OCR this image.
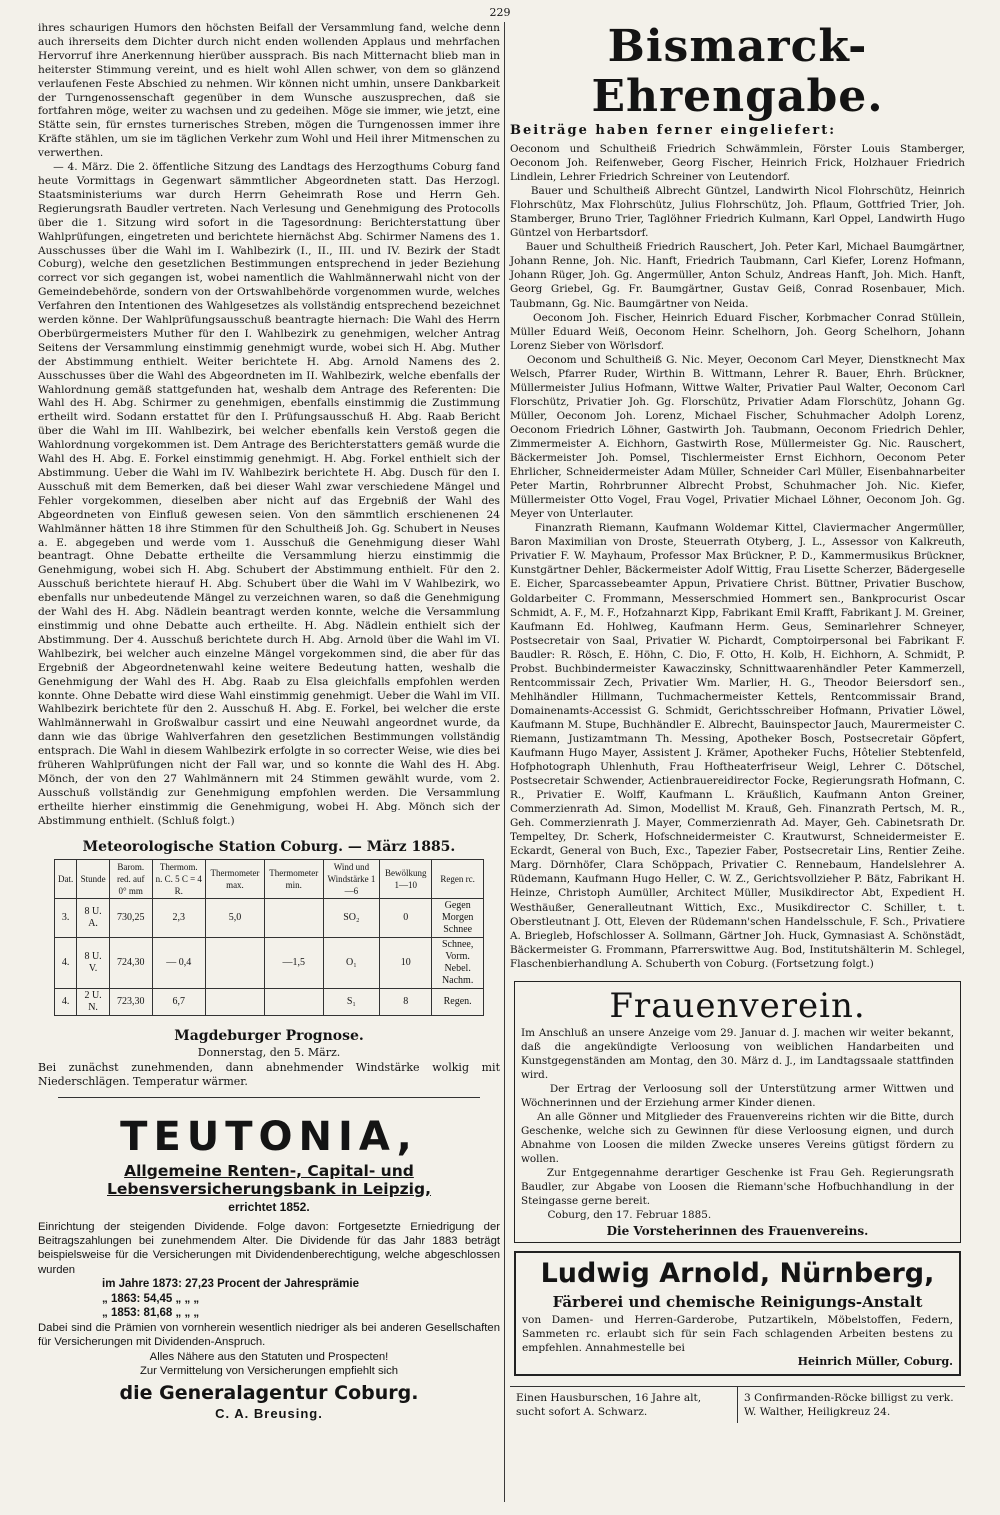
229

ihres schaurigen Humors den höchsten Beifall der Versammlung fand, welche denn auch ihrerseits dem Dichter durch nicht enden wollenden Applaus und mehrfachen Hervorruf ihre Anerkennung hierüber aussprach. Bis nach Mitternacht blieb man in heiterster Stimmung vereint, und es hielt wohl Allen schwer, von dem so glänzend verlaufenen Feste Abschied zu nehmen. Wir können nicht umhin, unsere Dankbarkeit der Turngenossenschaft gegenüber in dem Wunsche auszusprechen, daß sie fortfahren möge, weiter zu wachsen und zu gedeihen. Möge sie immer, wie jetzt, eine Stätte sein, für ernstes turnerisches Streben, mögen die Turngenossen immer ihre Kräfte stählen, um sie im täglichen Verkehr zum Wohl und Heil ihrer Mitmenschen zu verwerthen.
— 4. März. Die 2. öffentliche Sitzung des Landtags des Herzogthums Coburg fand heute Vormittags in Gegenwart sämmtlicher Abgeordneten statt. Das Herzogl. Staatsministeriums war durch Herrn Geheimrath Rose und Herrn Geh. Regierungsrath Baudler vertreten. Nach Verlesung und Genehmigung des Protocolls über die 1. Sitzung wird sofort in die Tagesordnung: Berichterstattung über Wahlprüfungen, eingetreten und berichtete hiernächst Abg. Schirmer Namens des 1. Ausschusses über die Wahl im I. Wahlbezirk (I., II., III. und IV. Bezirk der Stadt Coburg), welche den gesetzlichen Bestimmungen entsprechend in jeder Beziehung correct vor sich gegangen ist, wobei namentlich die Wahlmännerwahl nicht von der Gemeindebehörde, sondern von der Ortswahlbehörde vorgenommen wurde, welches Verfahren den Intentionen des Wahlgesetzes als vollständig entsprechend bezeichnet werden könne. Der Wahlprüfungsausschuß beantragte hiernach: Die Wahl des Herrn Oberbürgermeisters Muther für den I. Wahlbezirk zu genehmigen, welcher Antrag Seitens der Versammlung einstimmig genehmigt wurde, wobei sich H. Abg. Muther der Abstimmung enthielt. Weiter berichtete H. Abg. Arnold Namens des 2. Ausschusses über die Wahl des Abgeordneten im II. Wahlbezirk, welche ebenfalls der Wahlordnung gemäß stattgefunden hat, weshalb dem Antrage des Referenten: Die Wahl des H. Abg. Schirmer zu genehmigen, ebenfalls einstimmig die Zustimmung ertheilt wird. Sodann erstattet für den I. Prüfungsausschuß H. Abg. Raab Bericht über die Wahl im III. Wahlbezirk, bei welcher ebenfalls kein Verstoß gegen die Wahlordnung vorgekommen ist. Dem Antrage des Berichterstatters gemäß wurde die Wahl des H. Abg. E. Forkel einstimmig genehmigt. H. Abg. Forkel enthielt sich der Abstimmung. Ueber die Wahl im IV. Wahlbezirk berichtete H. Abg. Dusch für den I. Ausschuß mit dem Bemerken, daß bei dieser Wahl zwar verschiedene Mängel und Fehler vorgekommen, dieselben aber nicht auf das Ergebniß der Wahl des Abgeordneten von Einfluß gewesen seien. Von den sämmtlich erschienenen 24 Wahlmänner hätten 18 ihre Stimmen für den Schultheiß Joh. Gg. Schubert in Neuses a. E. abgegeben und werde vom 1. Ausschuß die Genehmigung dieser Wahl beantragt. Ohne Debatte ertheilte die Versammlung hierzu einstimmig die Genehmigung, wobei sich H. Abg. Schubert der Abstimmung enthielt. Für den 2. Ausschuß berichtete hierauf H. Abg. Schubert über die Wahl im V Wahlbezirk, wo ebenfalls nur unbedeutende Mängel zu verzeichnen waren, so daß die Genehmigung der Wahl des H. Abg. Nädlein beantragt werden konnte, welche die Versammlung einstimmig und ohne Debatte auch ertheilte. H. Abg. Nädlein enthielt sich der Abstimmung. Der 4. Ausschuß berichtete durch H. Abg. Arnold über die Wahl im VI. Wahlbezirk, bei welcher auch einzelne Mängel vorgekommen sind, die aber für das Ergebniß der Abgeordnetenwahl keine weitere Bedeutung hatten, weshalb die Genehmigung der Wahl des H. Abg. Raab zu Elsa gleichfalls empfohlen werden konnte. Ohne Debatte wird diese Wahl einstimmig genehmigt. Ueber die Wahl im VII. Wahlbezirk berichtete für den 2. Ausschuß H. Abg. E. Forkel, bei welcher die erste Wahlmännerwahl in Großwalbur cassirt und eine Neuwahl angeordnet wurde, da dann wie das übrige Wahlverfahren den gesetzlichen Bestimmungen vollständig entsprach. Die Wahl in diesem Wahlbezirk erfolgte in so correcter Weise, wie dies bei früheren Wahlprüfungen nicht der Fall war, und so konnte die Wahl des H. Abg. Mönch, der von den 27 Wahlmännern mit 24 Stimmen gewählt wurde, vom 2. Ausschuß vollständig zur Genehmigung empfohlen werden. Die Versammlung ertheilte hierher einstimmig die Genehmigung, wobei H. Abg. Mönch sich der Abstimmung enthielt. (Schluß folgt.)

Meteorologische Station Coburg. — März 1885.
Dat.	Stunde	Barom. red. auf 0° mm	Thermom. n. C. 5 C = 4 R.	Thermometer max.	Thermometer min.	Wind und Windstärke 1—6	Bewölkung 1—10	Regen rc.
3.	8 U. A.	730,25	2,3	5,0		SO₂	0	Gegen Morgen Schnee
4.	8 U. V.	724,30	— 0,4		—1,5	O₁	10	Schnee, Vorm. Nebel. Nachm.
4.	2 U. N.	723,30	6,7			S₁	8	Regen.
Magdeburger Prognose.
Donnerstag, den 5. März.

Bei zunächst zunehmenden, dann abnehmender Windstärke wolkig mit Niederschlägen. Temperatur wärmer.

TEUTONIA,

Allgemeine Renten-, Capital- und Lebensversicherungsbank in Leipzig,

errichtet 1852.

Einrichtung der steigenden Dividende. Folge davon: Fortgesetzte Erniedrigung der Beitragszahlungen bei zunehmendem Alter. Die Dividende für das Jahr 1883 beträgt beispielsweise für die Versicherungen mit Dividendenberechtigung, welche abgeschlossen wurden

im Jahre 1873: 27,23 Procent der Jahresprämie

„ 1863: 54,45 „ „ „

„ 1853: 81,68 „ „ „

Dabei sind die Prämien von vornherein wesentlich niedriger als bei anderen Gesellschaften für Versicherungen mit Dividenden-Anspruch.

Alles Nähere aus den Statuten und Prospecten!

Zur Vermittelung von Versicherungen empfiehlt sich

die Generalagentur Coburg.

C. A. Breusing.

Bismarck-Ehrengabe.

Beiträge haben ferner eingeliefert:

Oeconom und Schultheiß Friedrich Schwämmlein, Förster Louis Stamberger, Oeconom Joh. Reifenweber, Georg Fischer, Heinrich Frick, Holzhauer Friedrich Lindlein, Lehrer Friedrich Schreiner von Leutendorf.
Bauer und Schultheiß Albrecht Güntzel, Landwirth Nicol Flohrschütz, Heinrich Flohrschütz, Max Flohrschütz, Julius Flohrschütz, Joh. Pflaum, Gottfried Trier, Joh. Stamberger, Bruno Trier, Taglöhner Friedrich Kulmann, Karl Oppel, Landwirth Hugo Güntzel von Herbartsdorf.
Bauer und Schultheiß Friedrich Rauschert, Joh. Peter Karl, Michael Baumgärtner, Johann Renne, Joh. Nic. Hanft, Friedrich Taubmann, Carl Kiefer, Lorenz Hofmann, Johann Rüger, Joh. Gg. Angermüller, Anton Schulz, Andreas Hanft, Joh. Mich. Hanft, Georg Griebel, Gg. Fr. Baumgärtner, Gustav Geiß, Conrad Rosenbauer, Mich. Taubmann, Gg. Nic. Baumgärtner von Neida.
Oeconom Joh. Fischer, Heinrich Eduard Fischer, Korbmacher Conrad Stüllein, Müller Eduard Weiß, Oeconom Heinr. Schelhorn, Joh. Georg Schelhorn, Johann Lorenz Sieber von Wörlsdorf.
Oeconom und Schultheiß G. Nic. Meyer, Oeconom Carl Meyer, Dienstknecht Max Welsch, Pfarrer Ruder, Wirthin B. Wittmann, Lehrer R. Bauer, Ehrh. Brückner, Müllermeister Julius Hofmann, Wittwe Walter, Privatier Paul Walter, Oeconom Carl Florschütz, Privatier Joh. Gg. Florschütz, Privatier Adam Florschütz, Johann Gg. Müller, Oeconom Joh. Lorenz, Michael Fischer, Schuhmacher Adolph Lorenz, Oeconom Friedrich Löhner, Gastwirth Joh. Taubmann, Oeconom Friedrich Dehler, Zimmermeister A. Eichhorn, Gastwirth Rose, Müllermeister Gg. Nic. Rauschert, Bäckermeister Joh. Pomsel, Tischlermeister Ernst Eichhorn, Oeconom Peter Ehrlicher, Schneidermeister Adam Müller, Schneider Carl Müller, Eisenbahnarbeiter Peter Martin, Rohrbrunner Albrecht Probst, Schuhmacher Joh. Nic. Kiefer, Müllermeister Otto Vogel, Frau Vogel, Privatier Michael Löhner, Oeconom Joh. Gg. Meyer von Unterlauter.
Finanzrath Riemann, Kaufmann Woldemar Kittel, Claviermacher Angermüller, Baron Maximilian von Droste, Steuerrath Otyberg, J. L., Assessor von Kalkreuth, Privatier F. W. Mayhaum, Professor Max Brückner, P. D., Kammermusikus Brückner, Kunstgärtner Dehler, Bäckermeister Adolf Wittig, Frau Lisette Scherzer, Bädergeselle E. Eicher, Sparcassebeamter Appun, Privatiere Christ. Büttner, Privatier Buschow, Goldarbeiter C. Frommann, Messerschmied Hommert sen., Bankprocurist Oscar Schmidt, A. F., M. F., Hofzahnarzt Kipp, Fabrikant Emil Krafft, Fabrikant J. M. Greiner, Kaufmann Ed. Hohlweg, Kaufmann Herm. Geus, Seminarlehrer Schneyer, Postsecretair von Saal, Privatier W. Pichardt, Comptoirpersonal bei Fabrikant F. Baudler: R. Rösch, E. Höhn, C. Dio, F. Otto, H. Kolb, H. Eichhorn, A. Schmidt, P. Probst. Buchbindermeister Kawaczinsky, Schnittwaarenhändler Peter Kammerzell, Rentcommissair Zech, Privatier Wm. Marlier, H. G., Theodor Beiersdorf sen., Mehlhändler Hillmann, Tuchmachermeister Kettels, Rentcommissair Brand, Domainenamts-Accessist G. Schmidt, Gerichtsschreiber Hofmann, Privatier Löwel, Kaufmann M. Stupe, Buchhändler E. Albrecht, Bauinspector Jauch, Maurermeister C. Riemann, Justizamtmann Th. Messing, Apotheker Bosch, Postsecretair Göpfert, Kaufmann Hugo Mayer, Assistent J. Krämer, Apotheker Fuchs, Hôtelier Stebtenfeld, Hofphotograph Uhlenhuth, Frau Hoftheaterfriseur Weigl, Lehrer C. Dötschel, Postsecretair Schwender, Actienbrauereidirector Focke, Regierungsrath Hofmann, C. R., Privatier E. Wolff, Kaufmann L. Kräußlich, Kaufmann Anton Greiner, Commerzienrath Ad. Simon, Modellist M. Krauß, Geh. Finanzrath Pertsch, M. R., Geh. Commerzienrath J. Mayer, Commerzienrath Ad. Mayer, Geh. Cabinetsrath Dr. Tempeltey, Dr. Scherk, Hofschneidermeister C. Krautwurst, Schneidermeister E. Eckardt, General von Buch, Exc., Tapezier Faber, Postsecretair Lins, Rentier Zeihe. Marg. Dörnhöfer, Clara Schöppach, Privatier C. Rennebaum, Handelslehrer A. Rüdemann, Kaufmann Hugo Heller, C. W. Z., Gerichtsvollzieher P. Bätz, Fabrikant H. Heinze, Christoph Aumüller, Architect Müller, Musikdirector Abt, Expedient H. Westhäußer, Generalleutnant Wittich, Exc., Musikdirector C. Schiller, t. t. Oberstleutnant J. Ott, Eleven der Rüdemann'schen Handelsschule, F. Sch., Privatiere A. Briegleb, Hofschlosser A. Sollmann, Gärtner Joh. Huck, Gymnasiast A. Schönstädt, Bäckermeister G. Frommann, Pfarrerswittwe Aug. Bod, Institutshälterin M. Schlegel, Flaschenbierhandlung A. Schuberth von Coburg. (Fortsetzung folgt.)

Frauenverein.

Im Anschluß an unsere Anzeige vom 29. Januar d. J. machen wir weiter bekannt, daß die angekündigte Verloosung von weiblichen Handarbeiten und Kunstgegenständen am Montag, den 30. März d. J., im Landtagssaale stattfinden wird.
Der Ertrag der Verloosung soll der Unterstützung armer Wittwen und Wöchnerinnen und der Erziehung armer Kinder dienen.
An alle Gönner und Mitglieder des Frauenvereins richten wir die Bitte, durch Geschenke, welche sich zu Gewinnen für diese Verloosung eignen, und durch Abnahme von Loosen die milden Zwecke unseres Vereins gütigst fördern zu wollen.
Zur Entgegennahme derartiger Geschenke ist Frau Geh. Regierungsrath Baudler, zur Abgabe von Loosen die Riemann'sche Hofbuchhandlung in der Steingasse gerne bereit.
Coburg, den 17. Februar 1885.

Die Vorsteherinnen des Frauenvereins.

Ludwig Arnold, Nürnberg,

Färberei und chemische Reinigungs-Anstalt

von Damen- und Herren-Garderobe, Putzartikeln, Möbelstoffen, Federn, Sammeten rc. erlaubt sich für sein Fach schlagenden Arbeiten bestens zu empfehlen. Annahmestelle bei

Heinrich Müller, Coburg.

Einen Hausburschen, 16 Jahre alt, sucht sofort A. Schwarz.
3 Confirmanden-Röcke billigst zu verk. W. Walther, Heiligkreuz 24.
